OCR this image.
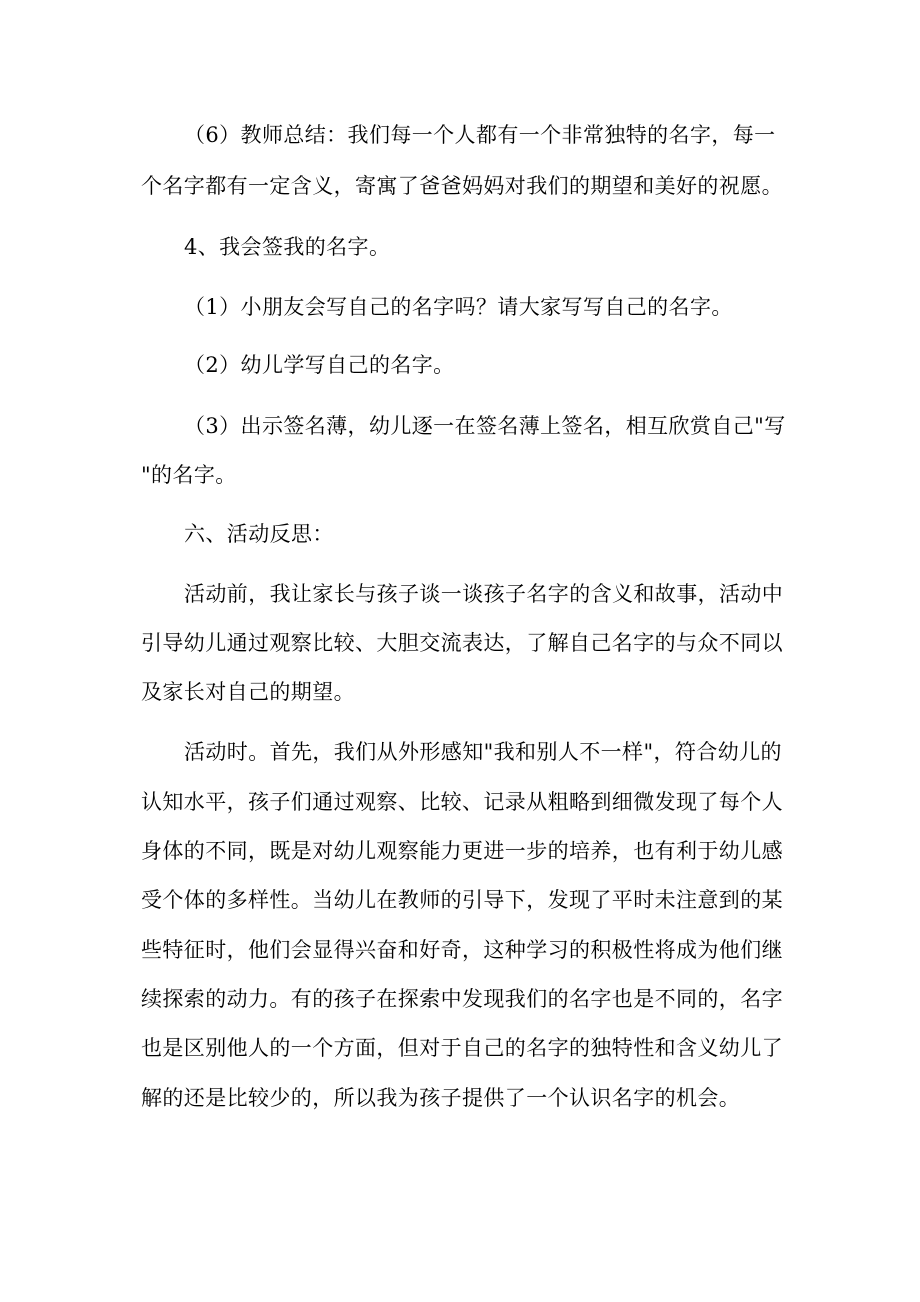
（6）教师总结：我们每一个人都有一个非常独特的名字，每一
个名字都有一定含义，寄寓了爸爸妈妈对我们的期望和美好的祝愿。
4、我会签我的名字。
（1）小朋友会写自己的名字吗？请大家写写自己的名字。
（2）幼儿学写自己的名字。
（3）出示签名薄，幼儿逐一在签名薄上签名，相互欣赏自己"写
"的名字。
六、活动反思：
活动前，我让家长与孩子谈一谈孩子名字的含义和故事，活动中
引导幼儿通过观察比较、大胆交流表达，了解自己名字的与众不同以
及家长对自己的期望。
活动时。首先，我们从外形感知"我和别人不一样"，符合幼儿的
认知水平，孩子们通过观察、比较、记录从粗略到细微发现了每个人
身体的不同，既是对幼儿观察能力更进一步的培养，也有利于幼儿感
受个体的多样性。当幼儿在教师的引导下，发现了平时未注意到的某
些特征时，他们会显得兴奋和好奇，这种学习的积极性将成为他们继
续探索的动力。有的孩子在探索中发现我们的名字也是不同的，名字
也是区别他人的一个方面，但对于自己的名字的独特性和含义幼儿了
解的还是比较少的，所以我为孩子提供了一个认识名字的机会。
